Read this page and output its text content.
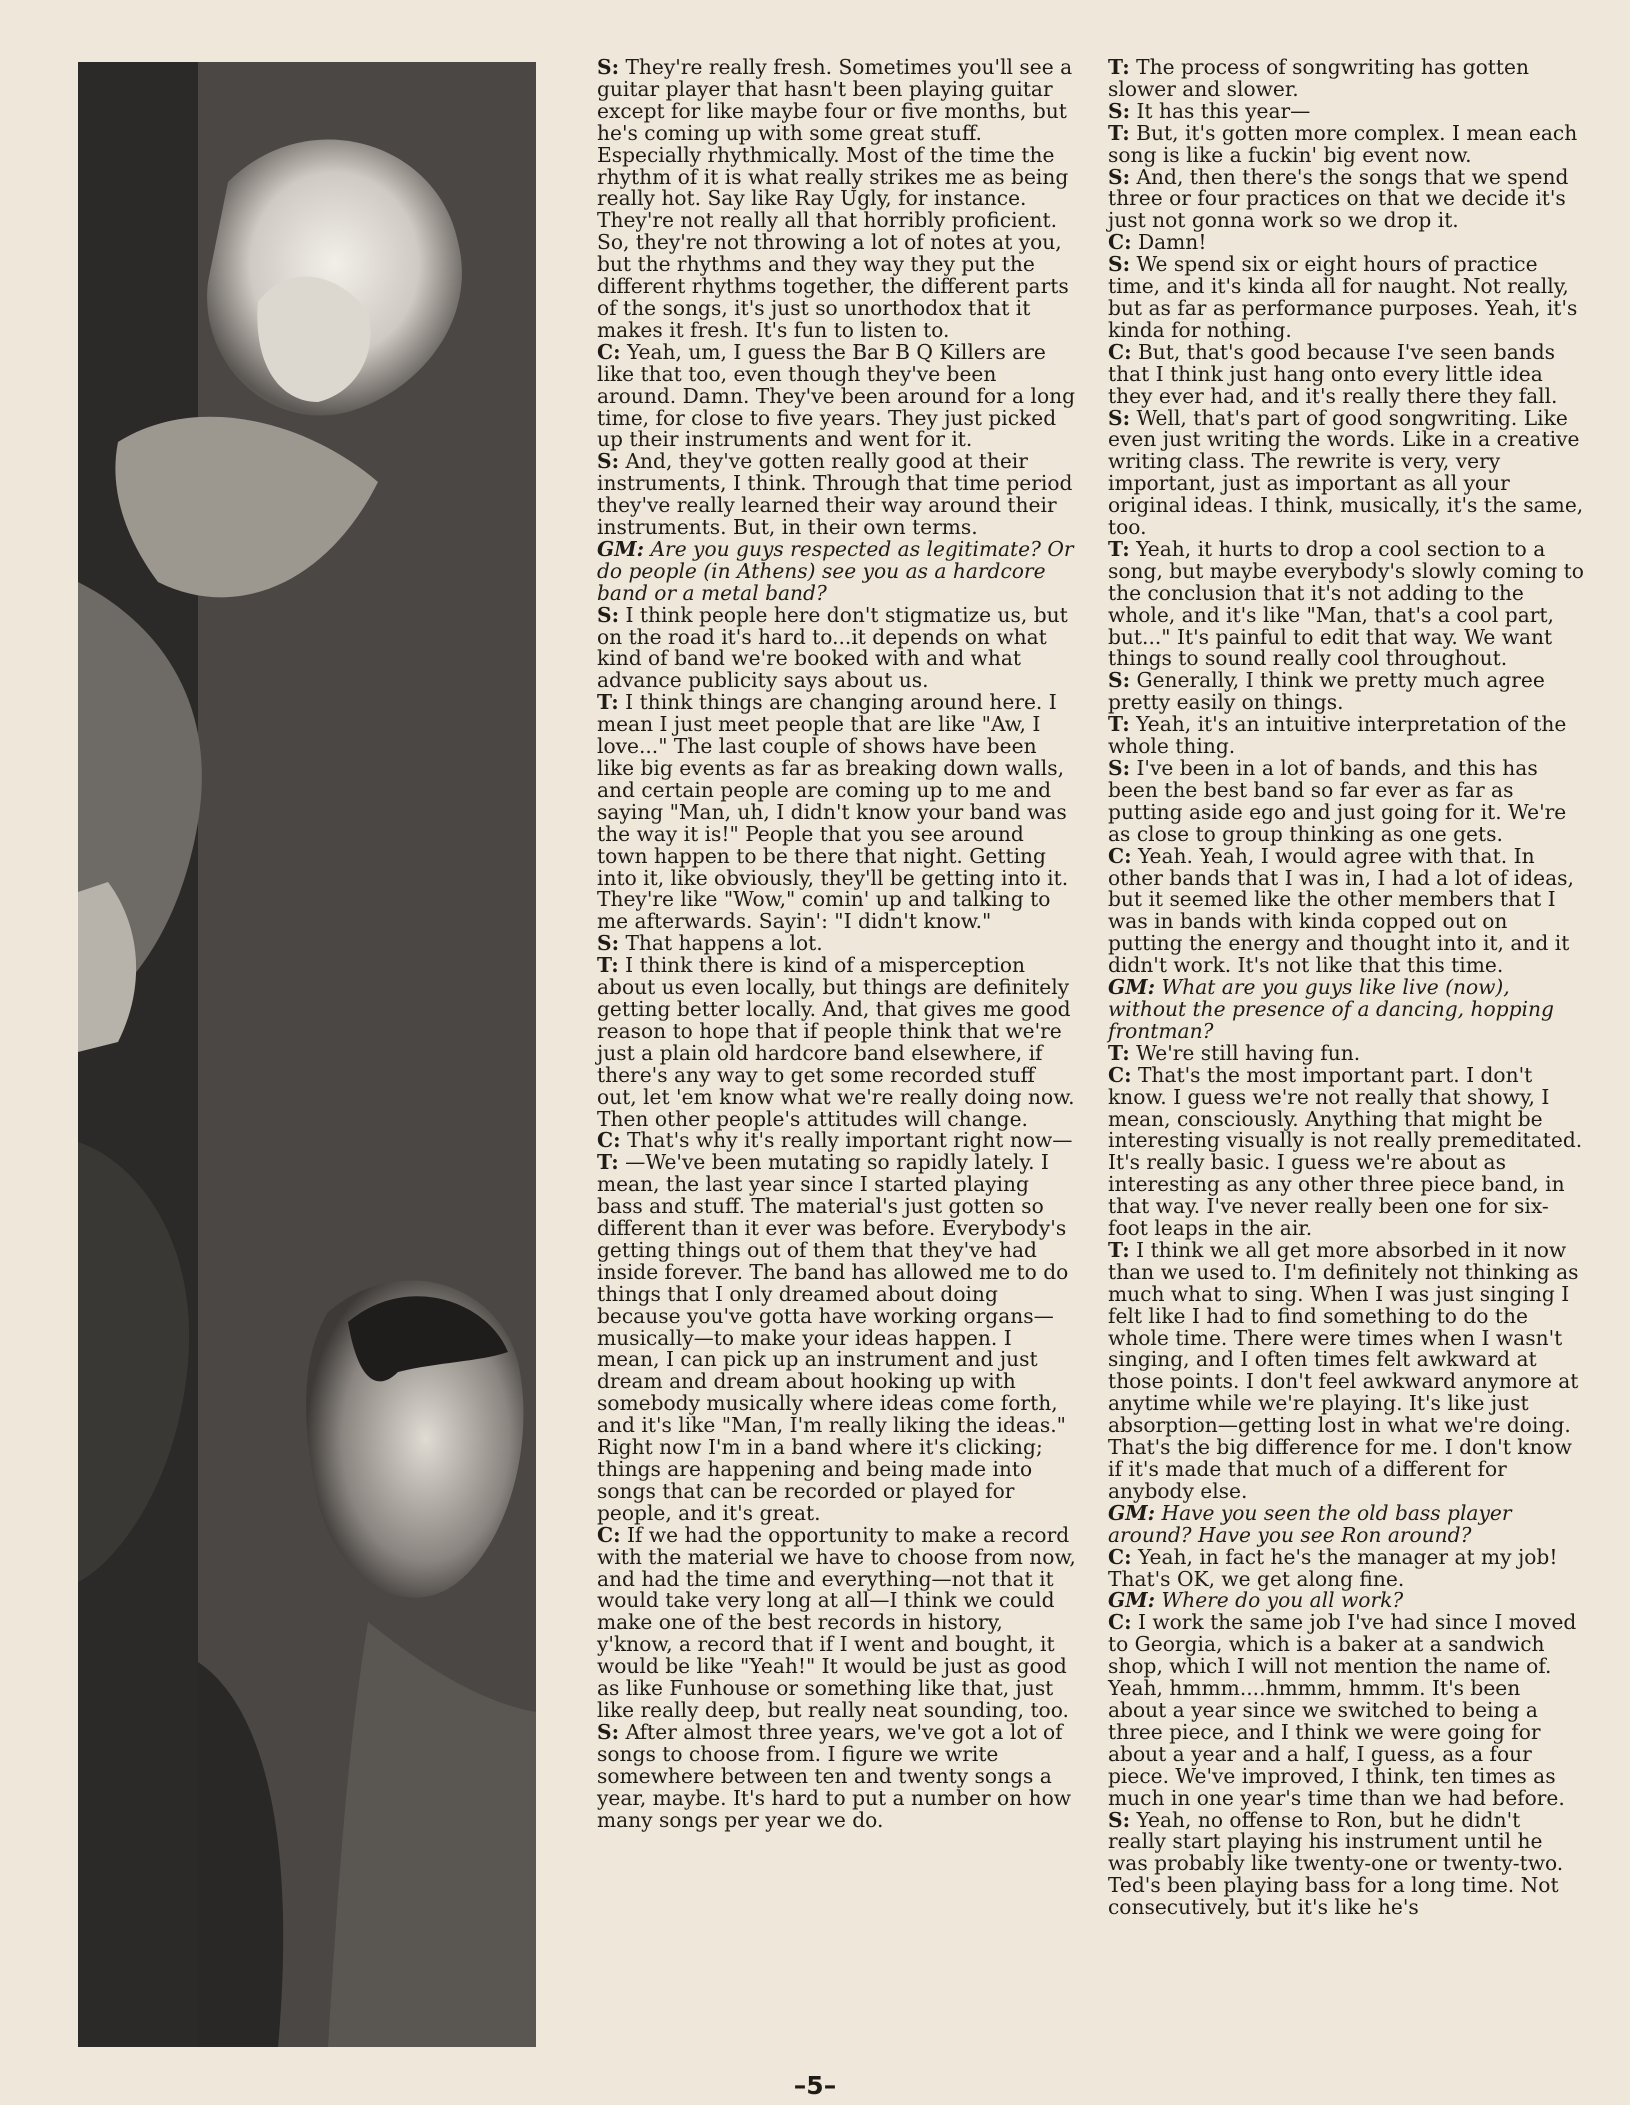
S: They're really fresh. Sometimes you'll see a guitar player that hasn't been playing guitar except for like maybe four or five months, but he's coming up with some great stuff. Especially rhythmically. Most of the time the rhythm of it is what really strikes me as being really hot. Say like Ray Ugly, for instance. They're not really all that horribly proficient. So, they're not throwing a lot of notes at you, but the rhythms and they way they put the different rhythms together, the different parts of the songs, it's just so unorthodox that it makes it fresh. It's fun to listen to.

C: Yeah, um, I guess the Bar B Q Killers are like that too, even though they've been around. Damn. They've been around for a long time, for close to five years. They just picked up their instruments and went for it.

S: And, they've gotten really good at their instruments, I think. Through that time period they've really learned their way around their instruments. But, in their own terms.

GM: Are you guys respected as legitimate? Or do people (in Athens) see you as a hardcore band or a metal band?

S: I think people here don't stigmatize us, but on the road it's hard to...it depends on what kind of band we're booked with and what advance publicity says about us.

T: I think things are changing around here. I mean I just meet people that are like "Aw, I love..." The last couple of shows have been like big events as far as breaking down walls, and certain people are coming up to me and saying "Man, uh, I didn't know your band was the way it is!" People that you see around town happen to be there that night. Getting into it, like obviously, they'll be getting into it. They're like "Wow," comin' up and talking to me afterwards. Sayin': "I didn't know."

S: That happens a lot.

T: I think there is kind of a misperception about us even locally, but things are definitely getting better locally. And, that gives me good reason to hope that if people think that we're just a plain old hardcore band elsewhere, if there's any way to get some recorded stuff out, let 'em know what we're really doing now. Then other people's attitudes will change.

C: That's why it's really important right now—

T: —We've been mutating so rapidly lately. I mean, the last year since I started playing bass and stuff. The material's just gotten so different than it ever was before. Everybody's getting things out of them that they've had inside forever. The band has allowed me to do things that I only dreamed about doing because you've gotta have working organs—musically—to make your ideas happen. I mean, I can pick up an instrument and just dream and dream about hooking up with somebody musically where ideas come forth, and it's like "Man, I'm really liking the ideas." Right now I'm in a band where it's clicking; things are happening and being made into songs that can be recorded or played for people, and it's great.

C: If we had the opportunity to make a record with the material we have to choose from now, and had the time and everything—not that it would take very long at all—I think we could make one of the best records in history, y'know, a record that if I went and bought, it would be like "Yeah!" It would be just as good as like Funhouse or something like that, just like really deep, but really neat sounding, too.

S: After almost three years, we've got a lot of songs to choose from. I figure we write somewhere between ten and twenty songs a year, maybe. It's hard to put a number on how many songs per year we do.

T: The process of songwriting has gotten slower and slower.

S: It has this year—

T: But, it's gotten more complex. I mean each song is like a fuckin' big event now.

S: And, then there's the songs that we spend three or four practices on that we decide it's just not gonna work so we drop it.

C: Damn!

S: We spend six or eight hours of practice time, and it's kinda all for naught. Not really, but as far as performance purposes. Yeah, it's kinda for nothing.

C: But, that's good because I've seen bands that I think just hang onto every little idea they ever had, and it's really there they fall.

S: Well, that's part of good songwriting. Like even just writing the words. Like in a creative writing class. The rewrite is very, very important, just as important as all your original ideas. I think, musically, it's the same, too.

T: Yeah, it hurts to drop a cool section to a song, but maybe everybody's slowly coming to the conclusion that it's not adding to the whole, and it's like "Man, that's a cool part, but..." It's painful to edit that way. We want things to sound really cool throughout.

S: Generally, I think we pretty much agree pretty easily on things.

T: Yeah, it's an intuitive interpretation of the whole thing.

S: I've been in a lot of bands, and this has been the best band so far ever as far as putting aside ego and just going for it. We're as close to group thinking as one gets.

C: Yeah. Yeah, I would agree with that. In other bands that I was in, I had a lot of ideas, but it seemed like the other members that I was in bands with kinda copped out on putting the energy and thought into it, and it didn't work. It's not like that this time.

GM: What are you guys like live (now), without the presence of a dancing, hopping frontman?

T: We're still having fun.

C: That's the most important part. I don't know. I guess we're not really that showy, I mean, consciously. Anything that might be interesting visually is not really premeditated. It's really basic. I guess we're about as interesting as any other three piece band, in that way. I've never really been one for six-foot leaps in the air.

T: I think we all get more absorbed in it now than we used to. I'm definitely not thinking as much what to sing. When I was just singing I felt like I had to find something to do the whole time. There were times when I wasn't singing, and I often times felt awkward at those points. I don't feel awkward anymore at anytime while we're playing. It's like just absorption—getting lost in what we're doing. That's the big difference for me. I don't know if it's made that much of a different for anybody else.

GM: Have you seen the old bass player around? Have you see Ron around?

C: Yeah, in fact he's the manager at my job! That's OK, we get along fine.

GM: Where do you all work?

C: I work the same job I've had since I moved to Georgia, which is a baker at a sandwich shop, which I will not mention the name of. Yeah, hmmm....hmmm, hmmm. It's been about a year since we switched to being a three piece, and I think we were going for about a year and a half, I guess, as a four piece. We've improved, I think, ten times as much in one year's time than we had before.

S: Yeah, no offense to Ron, but he didn't really start playing his instrument until he was probably like twenty-one or twenty-two. Ted's been playing bass for a long time. Not consecutively, but it's like he's

–5–
